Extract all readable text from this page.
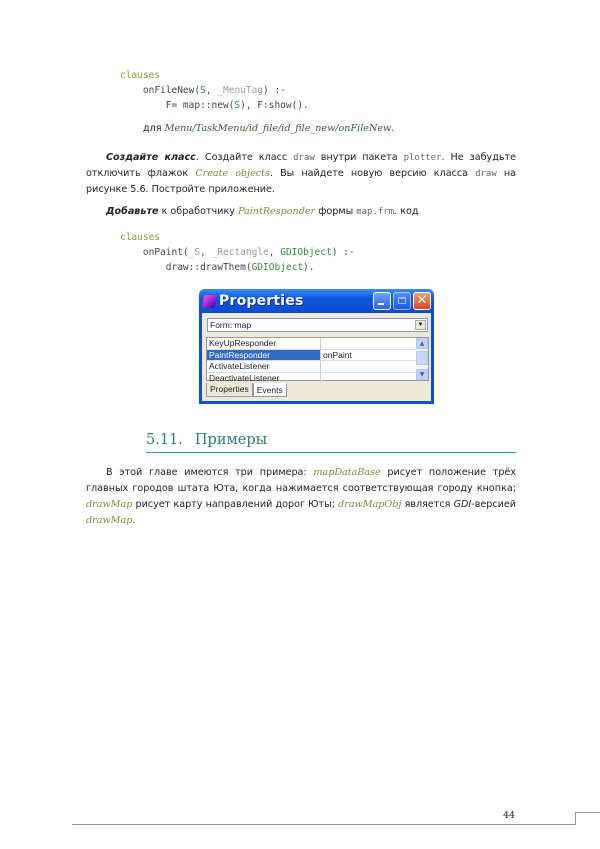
clauses
onFileNew(S, _MenuTag) :-
F= map::new(S), F:show().
для Menu/TaskMenu/id_file/id_file_new/onFileNew.
Создайте класс. Создайте класс draw внутри пакета plotter. Не забудьте отключить флажок Create objects. Вы найдете новую версию класса draw на рисунке 5.6. Постройте приложение.
Добавьте к обработчику PaintResponder формы map.frm. код
clauses
onPaint(_S, _Rectangle, GDIObject) :-
draw::drawThem(GDIObject).
Properties	✕
Form: map	▼
KeyUpResponder
PaintResponder	onPaint
ActivateListener
DeactivateListener
▲
▼
Properties Events
5.11. Примеры
В этой главе имеются три примера: mapDataBase рисует положение трёх главных городов штата Юта, когда нажимается соответствующая городу кнопка; drawMap рисует карту направлений дорог Юты; drawMapObj является GDI-версией drawMap.
44
